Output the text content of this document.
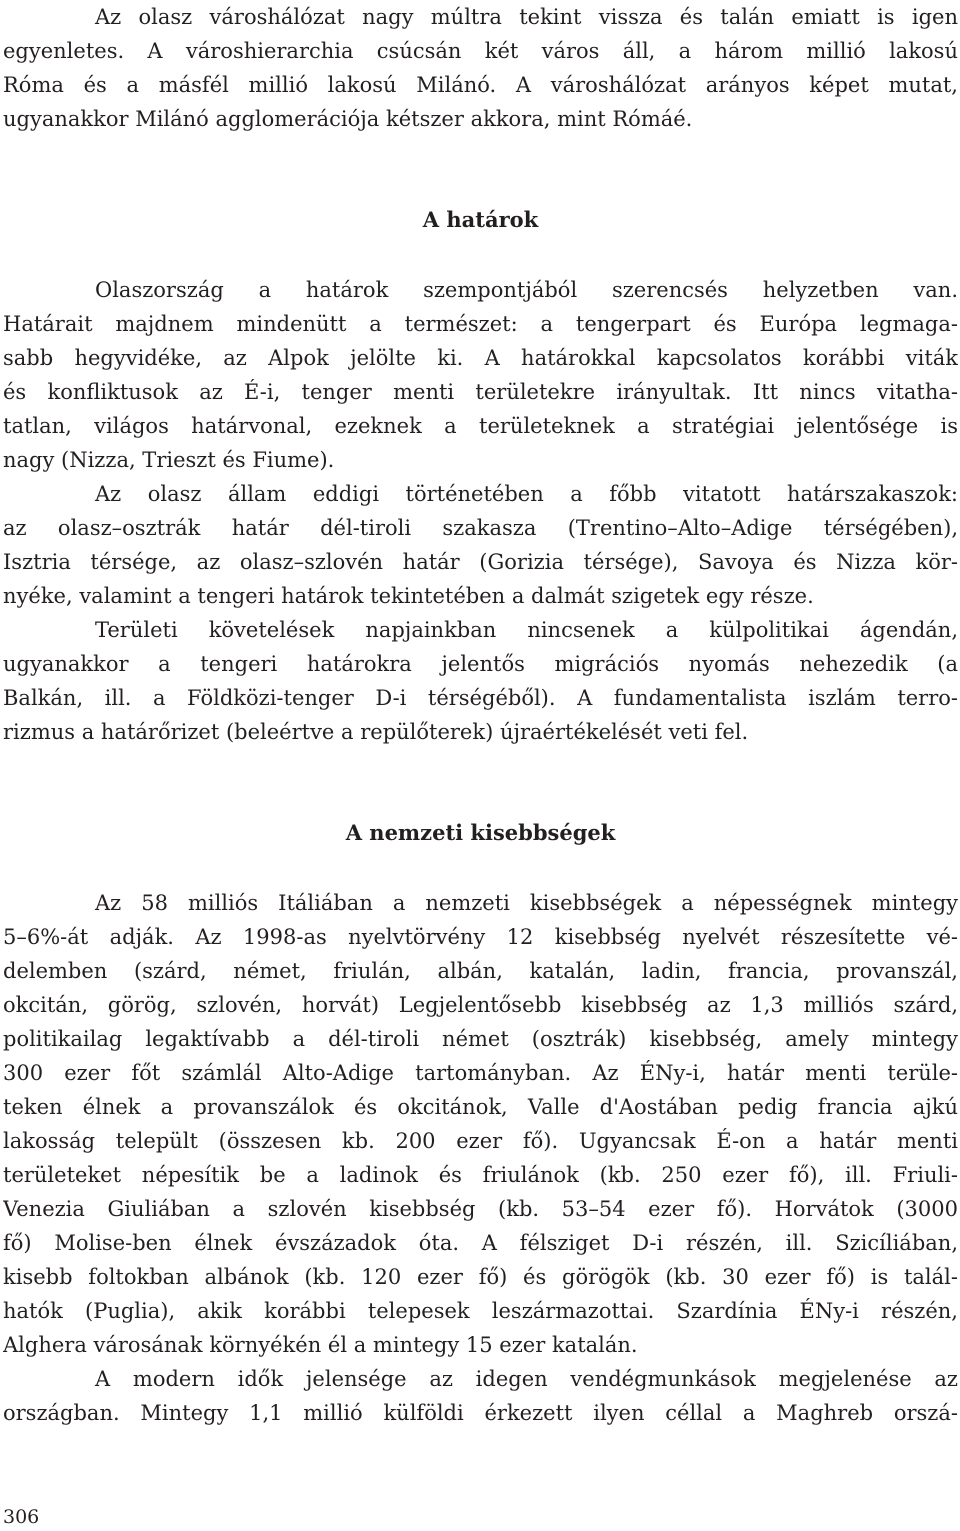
Az olasz városhálózat nagy múltra tekint vissza és talán emiatt is igen
egyenletes. A városhierarchia csúcsán két város áll, a három millió lakosú
Róma és a másfél millió lakosú Milánó. A városhálózat arányos képet mutat,
ugyanakkor Milánó agglomerációja kétszer akkora, mint Rómáé.
A határok
Olaszország a határok szempontjából szerencsés helyzetben van.
Határait majdnem mindenütt a természet: a tengerpart és Európa legmaga-
sabb hegyvidéke, az Alpok jelölte ki. A határokkal kapcsolatos korábbi viták
és konfliktusok az É-i, tenger menti területekre irányultak. Itt nincs vitatha-
tatlan, világos határvonal, ezeknek a területeknek a stratégiai jelentősége is
nagy (Nizza, Trieszt és Fiume).
Az olasz állam eddigi történetében a főbb vitatott határszakaszok:
az olasz–osztrák határ dél-tiroli szakasza (Trentino–Alto–Adige térségében),
Isztria térsége, az olasz–szlovén határ (Gorizia térsége), Savoya és Nizza kör-
nyéke, valamint a tengeri határok tekintetében a dalmát szigetek egy része.
Területi követelések napjainkban nincsenek a külpolitikai ágendán,
ugyanakkor a tengeri határokra jelentős migrációs nyomás nehezedik (a
Balkán, ill. a Földközi-tenger D-i térségéből). A fundamentalista iszlám terro-
rizmus a határőrizet (beleértve a repülőterek) újraértékelését veti fel.
A nemzeti kisebbségek
Az 58 milliós Itáliában a nemzeti kisebbségek a népességnek mintegy
5–6%-át adják. Az 1998-as nyelvtörvény 12 kisebbség nyelvét részesítette vé-
delemben (szárd, német, friulán, albán, katalán, ladin, francia, provanszál,
okcitán, görög, szlovén, horvát) Legjelentősebb kisebbség az 1,3 milliós szárd,
politikailag legaktívabb a dél-tiroli német (osztrák) kisebbség, amely mintegy
300 ezer főt számlál Alto-Adige tartományban. Az ÉNy-i, határ menti terüle-
teken élnek a provanszálok és okcitánok, Valle d'Aostában pedig francia ajkú
lakosság települt (összesen kb. 200 ezer fő). Ugyancsak É-on a határ menti
területeket népesítik be a ladinok és friulánok (kb. 250 ezer fő), ill. Friuli-
Venezia Giuliában a szlovén kisebbség (kb. 53–54 ezer fő). Horvátok (3000
fő) Molise-ben élnek évszázadok óta. A félsziget D-i részén, ill. Szicíliában,
kisebb foltokban albánok (kb. 120 ezer fő) és görögök (kb. 30 ezer fő) is talál-
hatók (Puglia), akik korábbi telepesek leszármazottai. Szardínia ÉNy-i részén,
Alghera városának környékén él a mintegy 15 ezer katalán.
A modern idők jelensége az idegen vendégmunkások megjelenése az
országban. Mintegy 1,1 millió külföldi érkezett ilyen céllal a Maghreb orszá-
306
